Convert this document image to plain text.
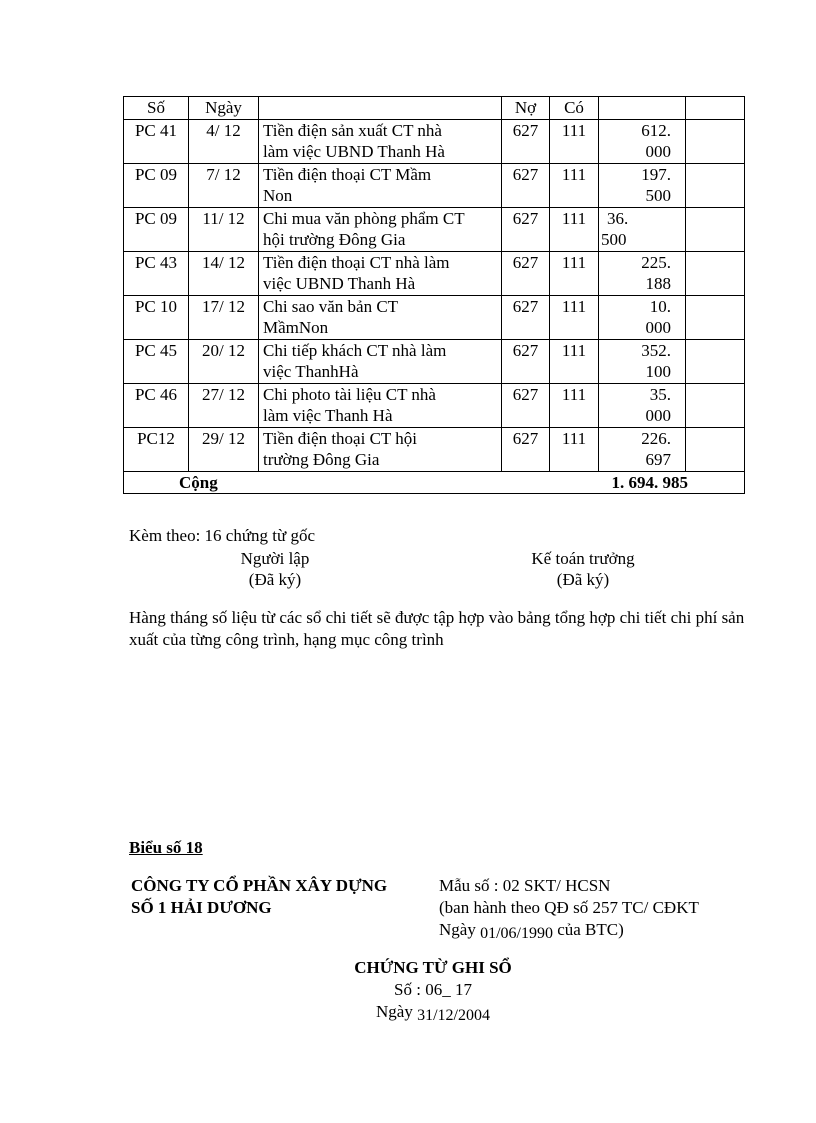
Số	Ngày		Nợ	Có		
PC 41	4/ 12	Tiền điện sản xuất CT nhà
làm việc UBND Thanh Hà	627	111	612.
000	

PC 09	7/ 12	Tiền điện thoại CT Mầm
Non	627	111	197.
500	

PC 09	11/ 12	Chi mua văn phòng phẩm CT
hội trường Đông Gia	627	111	36.
500	

PC 43	14/ 12	Tiền điện thoại CT nhà làm
việc UBND Thanh Hà	627	111	225.
188	

PC 10	17/ 12	Chi sao văn bản CT
MầmNon	627	111	10.
000	

PC 45	20/ 12	Chi tiếp khách CT nhà làm
việc ThanhHà	627	111	352.
100	

PC 46	27/ 12	Chi photo tài liệu CT nhà
làm việc Thanh Hà	627	111	35.
000	

PC12	29/ 12	Tiền điện thoại CT hội
trường Đông Gia	627	111	226.
697	

Cộng					1. 694. 985	
Kèm theo: 16 chứng từ gốc
Người lập
(Đã ký)
Kế toán trưởng
(Đã ký)
Hàng tháng số liệu từ các sổ chi tiết sẽ được tập hợp vào bảng tổng hợp chi tiết chi phí sản xuất của từng công trình, hạng mục công trình
Biểu số 18
CÔNG TY CỔ PHẦN XÂY DỰNG
SỐ 1 HẢI DƯƠNG
Mẫu số : 02 SKT/ HCSN
(ban hành theo QĐ số 257 TC/ CĐKT
Ngày 01/06/1990 của BTC)
CHỨNG TỪ GHI SỔ
Số : 06_ 17
Ngày 31/12/2004
